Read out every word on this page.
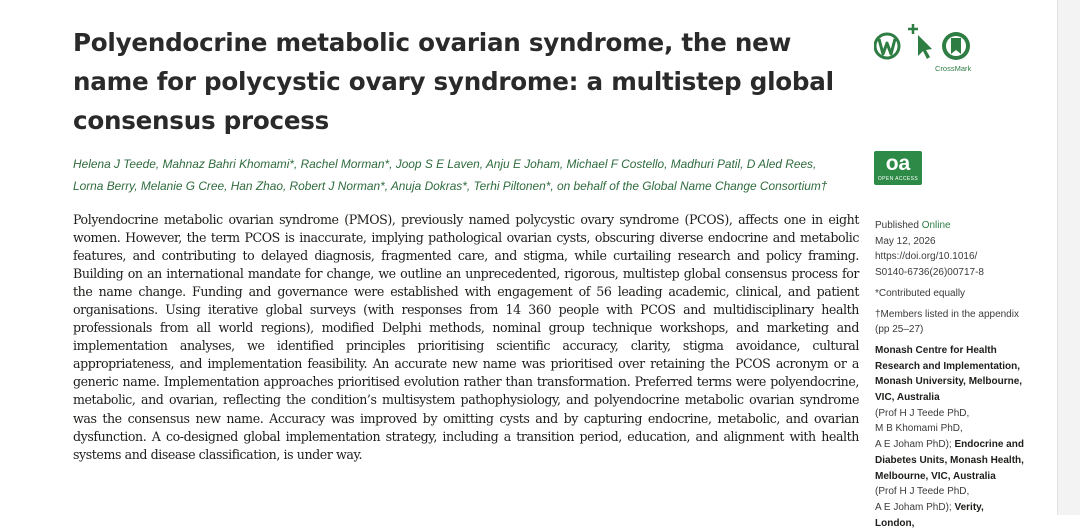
Polyendocrine metabolic ovarian syndrome, the new name for polycystic ovary syndrome: a multistep global consensus process

Helena J Teede, Mahnaz Bahri Khomami*, Rachel Morman*, Joop S E Laven, Anju E Joham, Michael F Costello, Madhuri Patil, D Aled Rees, Lorna Berry, Melanie G Cree, Han Zhao, Robert J Norman*, Anuja Dokras*, Terhi Piltonen*, on behalf of the Global Name Change Consortium†

Polyendocrine metabolic ovarian syndrome (PMOS), previously named polycystic ovary syndrome (PCOS), affects one in eight women. However, the term PCOS is inaccurate, implying pathological ovarian cysts, obscuring diverse endocrine and metabolic features, and contributing to delayed diagnosis, fragmented care, and stigma, while curtailing research and policy framing. Building on an international mandate for change, we outline an unprecedented, rigorous, multistep global consensus process for the name change. Funding and governance were established with engagement of 56 leading academic, clinical, and patient organisations. Using iterative global surveys (with responses from 14 360 people with PCOS and multidisciplinary health professionals from all world regions), modified Delphi methods, nominal group technique workshops, and marketing and implementation analyses, we identified principles prioritising scientific accuracy, clarity, stigma avoidance, cultural appropriateness, and implementation feasibility. An accurate new name was prioritised over retaining the PCOS acronym or a generic name. Implementation approaches prioritised evolution rather than transformation. Preferred terms were polyendocrine, metabolic, and ovarian, reflecting the condition’s multisystem pathophysiology, and polyendocrine metabolic ovarian syndrome was the consensus new name. Accuracy was improved by omitting cysts and by capturing endocrine, metabolic, and ovarian dysfunction. A co-designed global implementation strategy, including a transition period, education, and alignment with health systems and disease classification, is under way.

CrossMark
oa
OPEN ACCESS

Published Online

May 12, 2026

https://doi.org/10.1016/

S0140-6736(26)00717-8

*Contributed equally

†Members listed in the appendix

(pp 25–27)

Monash Centre for Health

Research and Implementation,

Monash University, Melbourne,

VIC, Australia

(Prof H J Teede PhD,

M B Khomami PhD,

A E Joham PhD); Endocrine and

Diabetes Units, Monash Health,

Melbourne, VIC, Australia

(Prof H J Teede PhD,

A E Joham PhD); Verity, London,
